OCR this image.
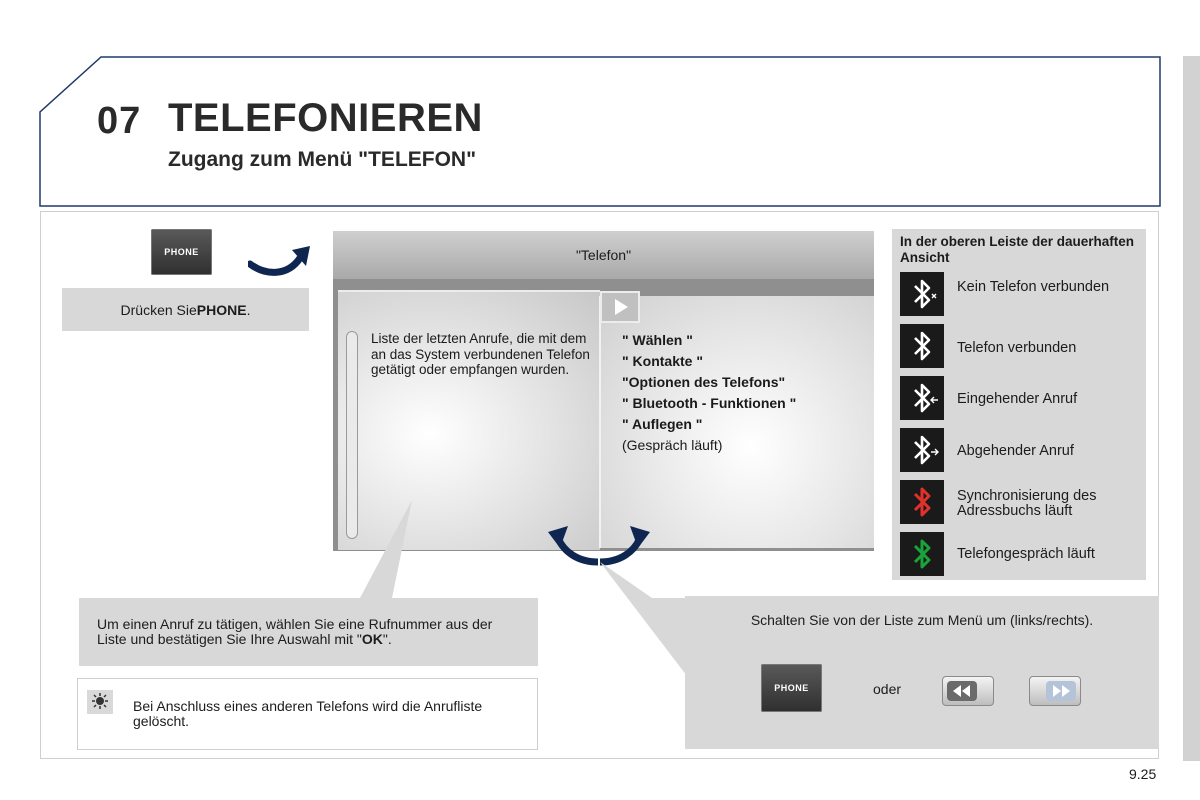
07 TELEFONIEREN
Zugang zum Menü "TELEFON"
PHONE
Drücken Sie PHONE .
"Telefon"
Liste der letzten Anrufe, die mit dem an das System verbundenen Telefon getätigt oder empfangen wurden.
" Wählen "
" Kontakte "
"Optionen des Telefons"
" Bluetooth - Funktionen "
" Auflegen "
(Gespräch läuft)
In der oberen Leiste der dauerhaften Ansicht
Kein Telefon verbunden
Telefon verbunden
Eingehender Anruf
Abgehender Anruf
Synchronisierung des Adressbuchs läuft
Telefongespräch läuft
Um einen Anruf zu tätigen, wählen Sie eine Rufnummer aus der Liste und bestätigen Sie Ihre Auswahl mit "OK".
Bei Anschluss eines anderen Telefons wird die Anrufliste gelöscht.
Schalten Sie von der Liste zum Menü um (links/rechts).
PHONE	oder
9.25
